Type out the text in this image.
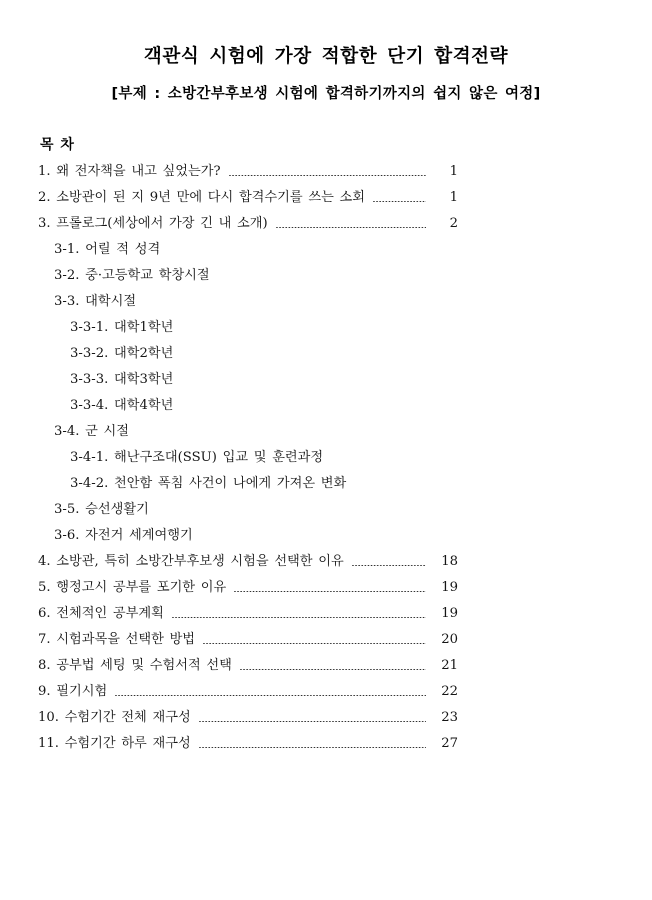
객관식 시험에 가장 적합한 단기 합격전략
[부제 : 소방간부후보생 시험에 합격하기까지의 쉽지 않은 여정]
목 차
1. 왜 전자책을 내고 싶었는가?	1
2. 소방관이 된 지 9년 만에 다시 합격수기를 쓰는 소회	1
3. 프롤로그(세상에서 가장 긴 내 소개)	2
3-1. 어릴 적 성격
3-2. 중·고등학교 학창시절
3-3. 대학시절
3-3-1. 대학1학년
3-3-2. 대학2학년
3-3-3. 대학3학년
3-3-4. 대학4학년
3-4. 군 시절
3-4-1. 해난구조대(SSU) 입교 및 훈련과정
3-4-2. 천안함 폭침 사건이 나에게 가져온 변화
3-5. 승선생활기
3-6. 자전거 세계여행기
4. 소방관, 특히 소방간부후보생 시험을 선택한 이유	18
5. 행정고시 공부를 포기한 이유	19
6. 전체적인 공부계획	19
7. 시험과목을 선택한 방법	20
8. 공부법 세팅 및 수험서적 선택	21
9. 필기시험	22
10. 수험기간 전체 재구성	23
11. 수험기간 하루 재구성	27
